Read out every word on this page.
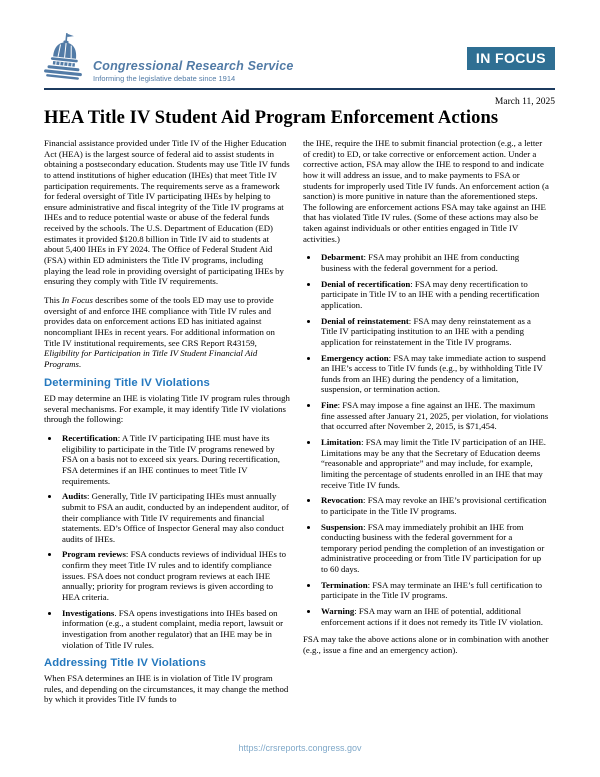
Congressional Research Service
Informing the legislative debate since 1914
IN FOCUS
March 11, 2025
HEA Title IV Student Aid Program Enforcement Actions

Financial assistance provided under Title IV of the Higher Education Act (HEA) is the largest source of federal aid to assist students in obtaining a postsecondary education. Students may use Title IV funds to attend institutions of higher education (IHEs) that meet Title IV participation requirements. The requirements serve as a framework for federal oversight of Title IV participating IHEs by helping to ensure administrative and fiscal integrity of the Title IV programs at IHEs and to reduce potential waste or abuse of the federal funds received by the schools. The U.S. Department of Education (ED) estimates it provided $120.8 billion in Title IV aid to students at about 5,400 IHEs in FY 2024. The Office of Federal Student Aid (FSA) within ED administers the Title IV programs, including playing the lead role in providing oversight of participating IHEs by ensuring they comply with Title IV requirements.

This In Focus describes some of the tools ED may use to provide oversight of and enforce IHE compliance with Title IV rules and provides data on enforcement actions ED has initiated against noncompliant IHEs in recent years. For additional information on Title IV institutional requirements, see CRS Report R43159, Eligibility for Participation in Title IV Student Financial Aid Programs.

Determining Title IV Violations

ED may determine an IHE is violating Title IV program rules through several mechanisms. For example, it may identify Title IV violations through the following:

• Recertification: A Title IV participating IHE must have its eligibility to participate in the Title IV programs renewed by FSA on a basis not to exceed six years. During recertification, FSA determines if an IHE continues to meet Title IV requirements.
• Audits: Generally, Title IV participating IHEs must annually submit to FSA an audit, conducted by an independent auditor, of their compliance with Title IV requirements and financial statements. ED’s Office of Inspector General may also conduct audits of IHEs.
• Program reviews: FSA conducts reviews of individual IHEs to confirm they meet Title IV rules and to identify compliance issues. FSA does not conduct program reviews at each IHE annually; priority for program reviews is given according to HEA criteria.
• Investigations. FSA opens investigations into IHEs based on information (e.g., a student complaint, media report, lawsuit or investigation from another regulator) that an IHE may be in violation of Title IV rules.
Addressing Title IV Violations

When FSA determines an IHE is in violation of Title IV program rules, and depending on the circumstances, it may change the method by which it provides Title IV funds to

the IHE, require the IHE to submit financial protection (e.g., a letter of credit) to ED, or take corrective or enforcement action. Under a corrective action, FSA may allow the IHE to respond to and indicate how it will address an issue, and to make payments to FSA or students for improperly used Title IV funds. An enforcement action (a sanction) is more punitive in nature than the aforementioned steps. The following are enforcement actions FSA may take against an IHE that has violated Title IV rules. (Some of these actions may also be taken against individuals or other entities engaged in Title IV activities.)

• Debarment: FSA may prohibit an IHE from conducting business with the federal government for a period.
• Denial of recertification: FSA may deny recertification to participate in Title IV to an IHE with a pending recertification application.
• Denial of reinstatement: FSA may deny reinstatement as a Title IV participating institution to an IHE with a pending application for reinstatement in the Title IV programs.
• Emergency action: FSA may take immediate action to suspend an IHE’s access to Title IV funds (e.g., by withholding Title IV funds from an IHE) during the pendency of a limitation, suspension, or termination action.
• Fine: FSA may impose a fine against an IHE. The maximum fine assessed after January 21, 2025, per violation, for violations that occurred after November 2, 2015, is $71,454.
• Limitation: FSA may limit the Title IV participation of an IHE. Limitations may be any that the Secretary of Education deems “reasonable and appropriate” and may include, for example, limiting the percentage of students enrolled in an IHE that may receive Title IV funds.
• Revocation: FSA may revoke an IHE’s provisional certification to participate in the Title IV programs.
• Suspension: FSA may immediately prohibit an IHE from conducting business with the federal government for a temporary period pending the completion of an investigation or administrative proceeding or from Title IV participation for up to 60 days.
• Termination: FSA may terminate an IHE’s full certification to participate in the Title IV programs.
• Warning: FSA may warn an IHE of potential, additional enforcement actions if it does not remedy its Title IV violation.

FSA may take the above actions alone or in combination with another (e.g., issue a fine and an emergency action).

https://crsreports.congress.gov
